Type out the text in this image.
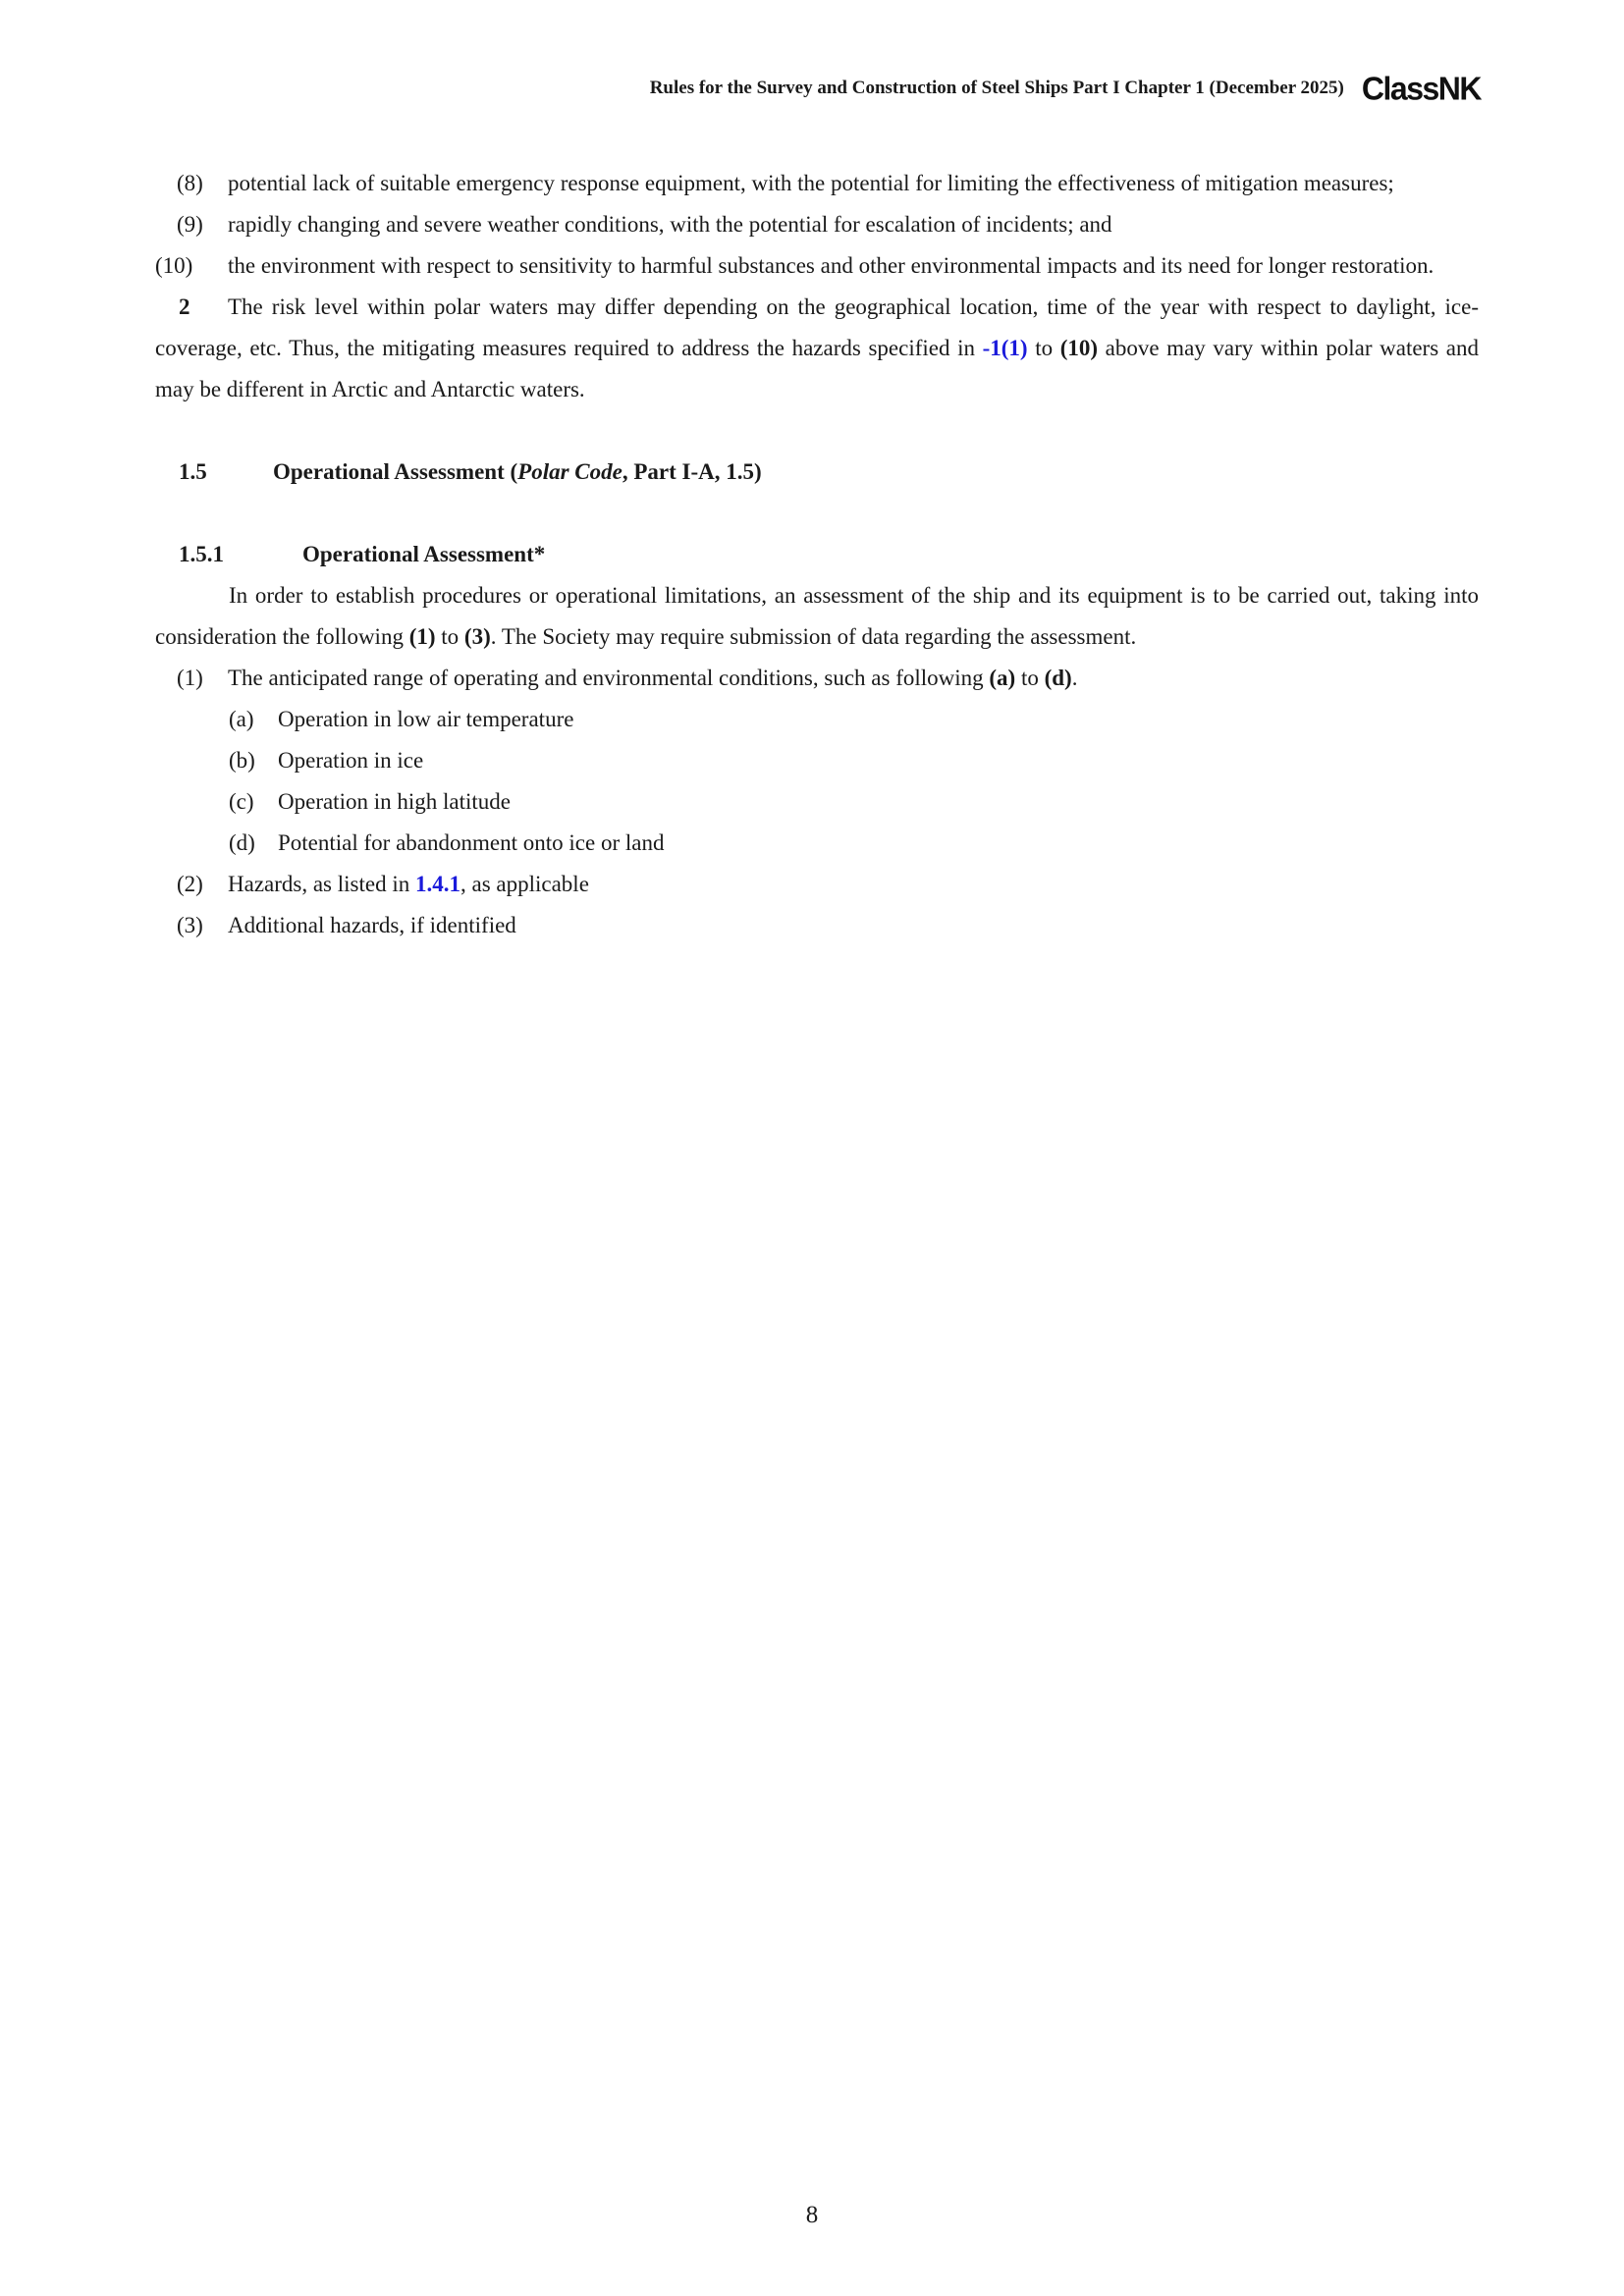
Rules for the Survey and Construction of Steel Ships Part I Chapter 1 (December 2025) ClassNK
(8) potential lack of suitable emergency response equipment, with the potential for limiting the effectiveness of mitigation measures;
(9) rapidly changing and severe weather conditions, with the potential for escalation of incidents; and
(10) the environment with respect to sensitivity to harmful substances and other environmental impacts and its need for longer restoration.
2 The risk level within polar waters may differ depending on the geographical location, time of the year with respect to daylight, ice-coverage, etc. Thus, the mitigating measures required to address the hazards specified in -1(1) to (10) above may vary within polar waters and may be different in Arctic and Antarctic waters.
1.5	Operational Assessment (Polar Code, Part I-A, 1.5)
1.5.1	Operational Assessment*
In order to establish procedures or operational limitations, an assessment of the ship and its equipment is to be carried out, taking into consideration the following (1) to (3). The Society may require submission of data regarding the assessment.
(1) The anticipated range of operating and environmental conditions, such as following (a) to (d).
(a) Operation in low air temperature
(b) Operation in ice
(c) Operation in high latitude
(d) Potential for abandonment onto ice or land
(2) Hazards, as listed in 1.4.1, as applicable
(3) Additional hazards, if identified
8
